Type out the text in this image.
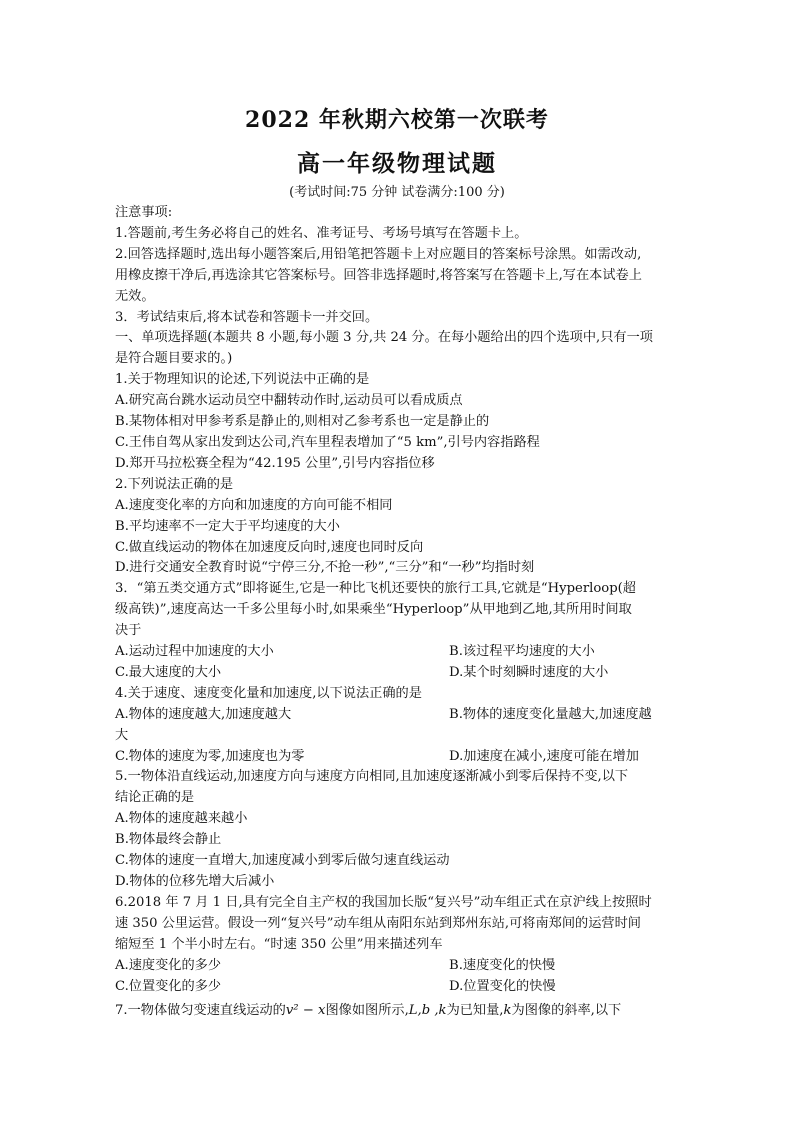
2022 年秋期六校第一次联考
高一年级物理试题
(考试时间:75 分钟 试卷满分:100 分)

注意事项:

1.答题前,考生务必将自己的姓名、准考证号、考场号填写在答题卡上。

2.回答选择题时,选出每小题答案后,用铅笔把答题卡上对应题目的答案标号涂黑。如需改动,

用橡皮擦干净后,再选涂其它答案标号。回答非选择题时,将答案写在答题卡上,写在本试卷上

无效。

3．考试结束后,将本试卷和答题卡一并交回。

一、单项选择题(本题共 8 小题,每小题 3 分,共 24 分。在每小题给出的四个选项中,只有一项

是符合题目要求的。)

1.关于物理知识的论述,下列说法中正确的是

A.研究高台跳水运动员空中翻转动作时,运动员可以看成质点

B.某物体相对甲参考系是静止的,则相对乙参考系也一定是静止的

C.王伟自驾从家出发到达公司,汽车里程表增加了“5 km”,引号内容指路程

D.郑开马拉松赛全程为“42.195 公里”,引号内容指位移

2.下列说法正确的是

A.速度变化率的方向和加速度的方向可能不相同

B.平均速率不一定大于平均速度的大小

C.做直线运动的物体在加速度反向时,速度也同时反向

D.进行交通安全教育时说“宁停三分,不抢一秒”,“三分”和“一秒”均指时刻

3．“第五类交通方式”即将诞生,它是一种比飞机还要快的旅行工具,它就是“Hyperloop(超

级高铁)”,速度高达一千多公里每小时,如果乘坐“Hyperloop”从甲地到乙地,其所用时间取

决于

A.运动过程中加速度的大小	B.该过程平均速度的大小
C.最大速度的大小	D.某个时刻瞬时速度的大小

4.关于速度、速度变化量和加速度,以下说法正确的是

A.物体的速度越大,加速度越大	B.物体的速度变化量越大,加速度越

大

C.物体的速度为零,加速度也为零	D.加速度在减小,速度可能在增加

5.一物体沿直线运动,加速度方向与速度方向相同,且加速度逐渐减小到零后保持不变,以下

结论正确的是

A.物体的速度越来越小

B.物体最终会静止

C.物体的速度一直增大,加速度减小到零后做匀速直线运动

D.物体的位移先增大后减小

6.2018 年 7 月 1 日,具有完全自主产权的我国加长版“复兴号”动车组正式在京沪线上按照时

速 350 公里运营。假设一列“复兴号”动车组从南阳东站到郑州东站,可将南郑间的运营时间

缩短至 1 个半小时左右。“时速 350 公里”用来描述列车

A.速度变化的多少	B.速度变化的快慢
C.位置变化的多少	D.位置变化的快慢

7.一物体做匀变速直线运动的v² − x图像如图所示,L,b ,k为已知量,k为图像的斜率,以下
